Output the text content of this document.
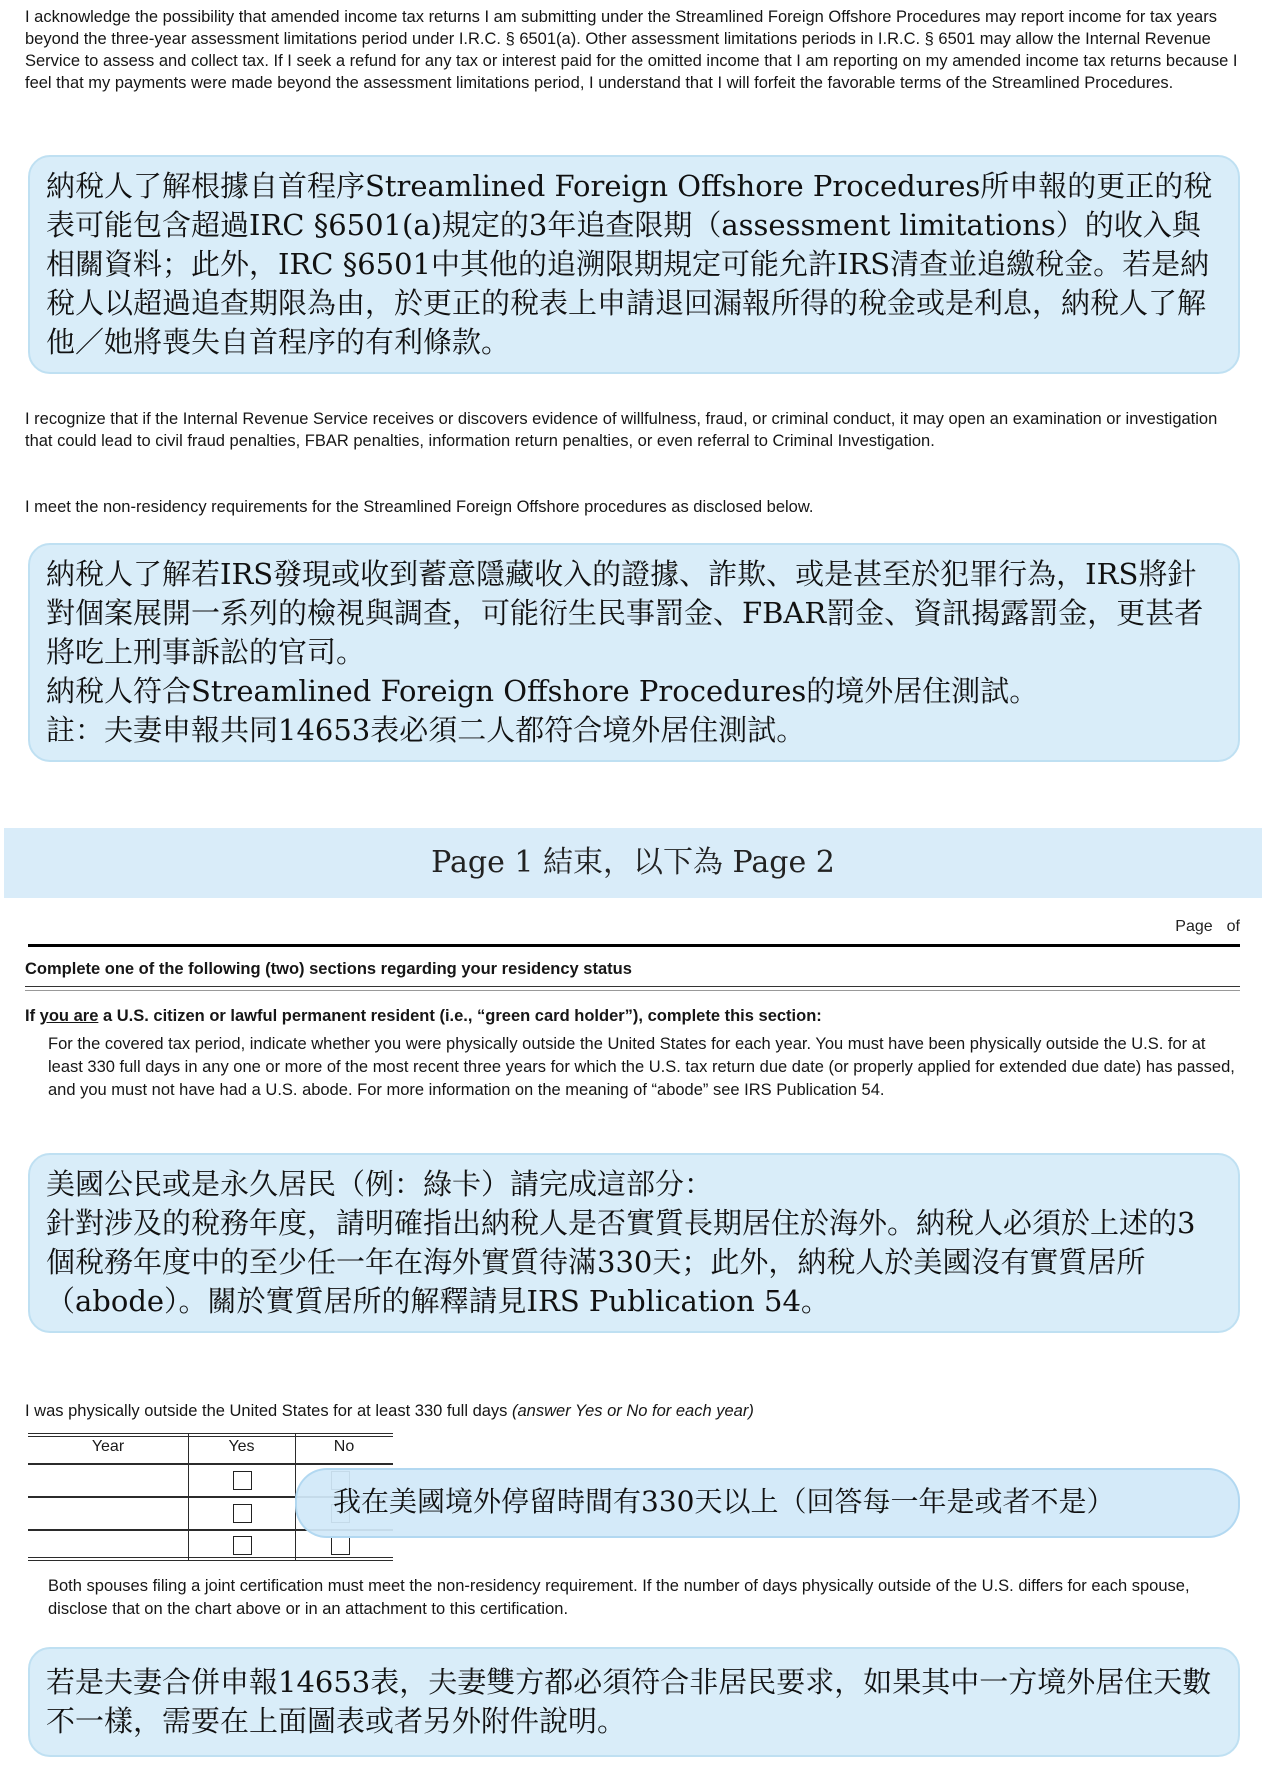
I acknowledge the possibility that amended income tax returns I am submitting under the Streamlined Foreign Offshore Procedures may report income for tax years beyond the three-year assessment limitations period under I.R.C. § 6501(a). Other assessment limitations periods in I.R.C. § 6501 may allow the Internal Revenue Service to assess and collect tax. If I seek a refund for any tax or interest paid for the omitted income that I am reporting on my amended income tax returns because I feel that my payments were made beyond the assessment limitations period, I understand that I will forfeit the favorable terms of the Streamlined Procedures.

納稅人了解根據自首程序Streamlined Foreign Offshore Procedures所申報的更正的稅表可能包含超過IRC §6501(a)規定的3年追查限期（assessment limitations）的收入與相關資料；此外，IRC §6501中其他的追溯限期規定可能允許IRS清查並追繳稅金。若是納稅人以超過追查期限為由，於更正的稅表上申請退回漏報所得的稅金或是利息，納稅人了解他／她將喪失自首程序的有利條款。

I recognize that if the Internal Revenue Service receives or discovers evidence of willfulness, fraud, or criminal conduct, it may open an examination or investigation that could lead to civil fraud penalties, FBAR penalties, information return penalties, or even referral to Criminal Investigation.
I meet the non-residency requirements for the Streamlined Foreign Offshore procedures as disclosed below.

納稅人了解若IRS發現或收到蓄意隱藏收入的證據、詐欺、或是甚至於犯罪行為，IRS將針對個案展開一系列的檢視與調查，可能衍生民事罰金、FBAR罰金、資訊揭露罰金，更甚者將吃上刑事訴訟的官司。

納稅人符合Streamlined Foreign Offshore Procedures的境外居住測試。

註：夫妻申報共同14653表必須二人都符合境外居住測試。

Page 1 結束，以下為 Page 2
Page of
Complete one of the following (two) sections regarding your residency status
If you are a U.S. citizen or lawful permanent resident (i.e., “green card holder”), complete this section:
For the covered tax period, indicate whether you were physically outside the United States for each year. You must have been physically outside the U.S. for at least 330 full days in any one or more of the most recent three years for which the U.S. tax return due date (or properly applied for extended due date) has passed, and you must not have had a U.S. abode. For more information on the meaning of “abode” see IRS Publication 54.

美國公民或是永久居民（例：綠卡）請完成這部分：

針對涉及的稅務年度，請明確指出納稅人是否實質長期居住於海外。納稅人必須於上述的3個稅務年度中的至少任一年在海外實質待滿330天；此外，納稅人於美國沒有實質居所（abode）。關於實質居所的解釋請見IRS Publication 54。

I was physically outside the United States for at least 330 full days (answer Yes or No for each year)
Year	Yes	No
我在美國境外停留時間有330天以上（回答每一年是或者不是）
Both spouses filing a joint certification must meet the non-residency requirement. If the number of days physically outside of the U.S. differs for each spouse, disclose that on the chart above or in an attachment to this certification.

若是夫妻合併申報14653表，夫妻雙方都必須符合非居民要求，如果其中一方境外居住天數不一樣，需要在上面圖表或者另外附件說明。
